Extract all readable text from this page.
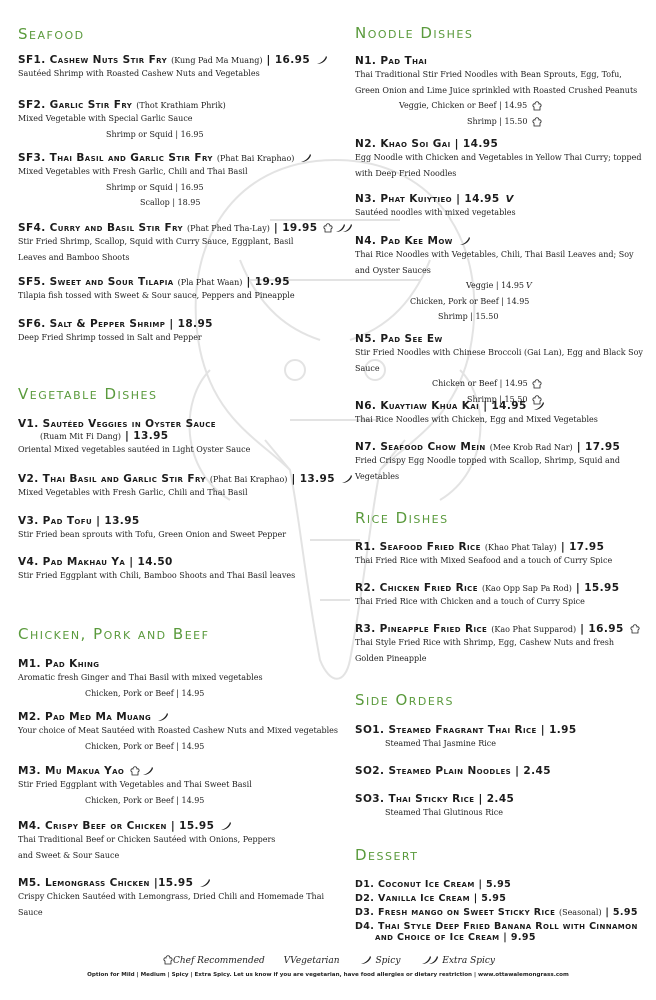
Seafood
SF1. Cashew Nuts Stir Fry (Kung Pad Ma Muang) | 16.95
Sautéed Shrimp with Roasted Cashew Nuts and Vegetables
SF2. Garlic Stir Fry (Thot Krathiam Phrik)
Mixed Vegetable with Special Garlic Sauce
Shrimp or Squid | 16.95
SF3. Thai Basil and Garlic Stir Fry (Phat Bai Kraphao)
Mixed Vegetables with Fresh Garlic, Chili and Thai Basil
Shrimp or Squid | 16.95
Scallop | 18.95
SF4. Curry and Basil Stir Fry (Phat Phed Tha-Lay) | 19.95
Stir Fried Shrimp, Scallop, Squid with Curry Sauce, Eggplant, Basil Leaves and Bamboo Shoots
SF5. Sweet and Sour Tilapia (Pla Phat Waan) | 19.95
Tilapia fish tossed with Sweet & Sour sauce, Peppers and Pineapple
SF6. Salt & Pepper Shrimp | 18.95
Deep Fried Shrimp tossed in Salt and Pepper
Vegetable Dishes
V1. Sautéed Veggies in Oyster Sauce
(Ruam Mit Fi Dang) | 13.95
Oriental Mixed vegetables sautéed in Light Oyster Sauce
V2. Thai Basil and Garlic Stir Fry (Phat Bai Kraphao) | 13.95
Mixed Vegetables with Fresh Garlic, Chili and Thai Basil
V3. Pad Tofu | 13.95
Stir Fried bean sprouts with Tofu, Green Onion and Sweet Pepper
V4. Pad Makhau Ya | 14.50
Stir Fried Eggplant with Chili, Bamboo Shoots and Thai Basil leaves
Chicken, Pork and Beef
M1. Pad Khing
Aromatic fresh Ginger and Thai Basil with mixed vegetables
Chicken, Pork or Beef | 14.95
M2. Pad Med Ma Muang
Your choice of Meat Sautéed with Roasted Cashew Nuts and Mixed vegetables
Chicken, Pork or Beef | 14.95
M3. Mu Makua Yao
Stir Fried Eggplant with Vegetables and Thai Sweet Basil
Chicken, Pork or Beef | 14.95
M4. Crispy Beef or Chicken | 15.95
Thai Traditional Beef or Chicken Sautéed with Onions, Peppers and Sweet & Sour Sauce
M5. Lemongrass Chicken |15.95
Crispy Chicken Sautéed with Lemongrass, Dried Chili and Homemade Thai Sauce
Noodle Dishes
N1. Pad Thai
Thai Traditional Stir Fried Noodles with Bean Sprouts, Egg, Tofu, Green Onion and Lime Juice sprinkled with Roasted Crushed Peanuts
Veggie, Chicken or Beef | 14.95
Shrimp | 15.50
N2. Khao Soi Gai | 14.95
Egg Noodle with Chicken and Vegetables in Yellow Thai Curry; topped with Deep Fried Noodles
N3. Phat Kuiytieo | 14.95 V
Sautéed noodles with mixed vegetables
N4. Pad Kee Mow
Thai Rice Noodles with Vegetables, Chili, Thai Basil Leaves and; Soy and Oyster Sauces
Veggie | 14.95 V
Chicken, Pork or Beef | 14.95
Shrimp | 15.50
N5. Pad See Ew
Stir Fried Noodles with Chinese Broccoli (Gai Lan), Egg and Black Soy Sauce
Chicken or Beef | 14.95
Shrimp | 15.50
N6. Kuaytiaw Khua Kai | 14.95
Thai Rice Noodles with Chicken, Egg and Mixed Vegetables
N7. Seafood Chow Mein (Mee Krob Rad Nar) | 17.95
Fried Crispy Egg Noodle topped with Scallop, Shrimp, Squid and Vegetables
Rice Dishes
R1. Seafood Fried Rice (Khao Phat Talay) | 17.95
Thai Fried Rice with Mixed Seafood and a touch of Curry Spice
R2. Chicken Fried Rice (Kao Opp Sap Pa Rod) | 15.95
Thai Fried Rice with Chicken and a touch of Curry Spice
R3. Pineapple Fried Rice (Kao Phat Supparod) | 16.95
Thai Style Fried Rice with Shrimp, Egg, Cashew Nuts and fresh Golden Pineapple
Side Orders
SO1. Steamed Fragrant Thai Rice | 1.95
Steamed Thai Jasmine Rice
SO2. Steamed Plain Noodles | 2.45
SO3. Thai Sticky Rice | 2.45
Steamed Thai Glutinous Rice
Dessert
D1. Coconut Ice Cream | 5.95
D2. Vanilla Ice Cream | 5.95
D3. Fresh mango on Sweet Sticky Rice (Seasonal) | 5.95
D4. Thai Style Deep Fried Banana Roll with Cinnamon
and Choice of Ice Cream | 9.95
Chef Recommended VVegetarian	Spicy	Extra Spicy
Option for Mild | Medium | Spicy | Extra Spicy. Let us know if you are vegetarian, have food allergies or dietary restriction | www.ottawalemongrass.com
